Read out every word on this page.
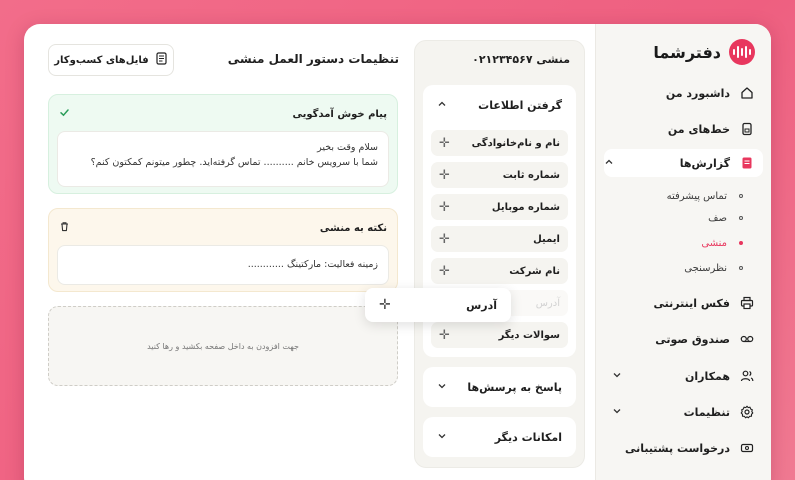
دفترشما
داشبورد من
خط‌های من
گزارش‌ها
تماس پیشرفته
صف
منشی
نظرسنجی
فکس اینترنتی
صندوق صوتی
همکاران
تنظیمات
درخواست پشتیبانی
منشی ۰۲۱۲۳۴۵۶۷
گرفتن اطلاعات
نام و نام‌خانوادگی
✛
شماره ثابت
✛
شماره موبایل
✛
ایمیل
✛
نام شرکت
✛
آدرس
سوالات دیگر
✛
پاسخ به پرسش‌ها
امکانات دیگر
آدرس
✛
تنظیمات دستور العمل منشی
فایل‌های کسب‌وکار
پیام خوش آمدگویی
سلام وقت بخیر
شما با سرویس خانم .......... تماس گرفته‌اید. چطور میتونم کمکتون کنم؟
نکته به منشی
زمینه فعالیت: مارکتینگ ............
جهت افزودن به داخل صفحه بکشید و رها کنید
